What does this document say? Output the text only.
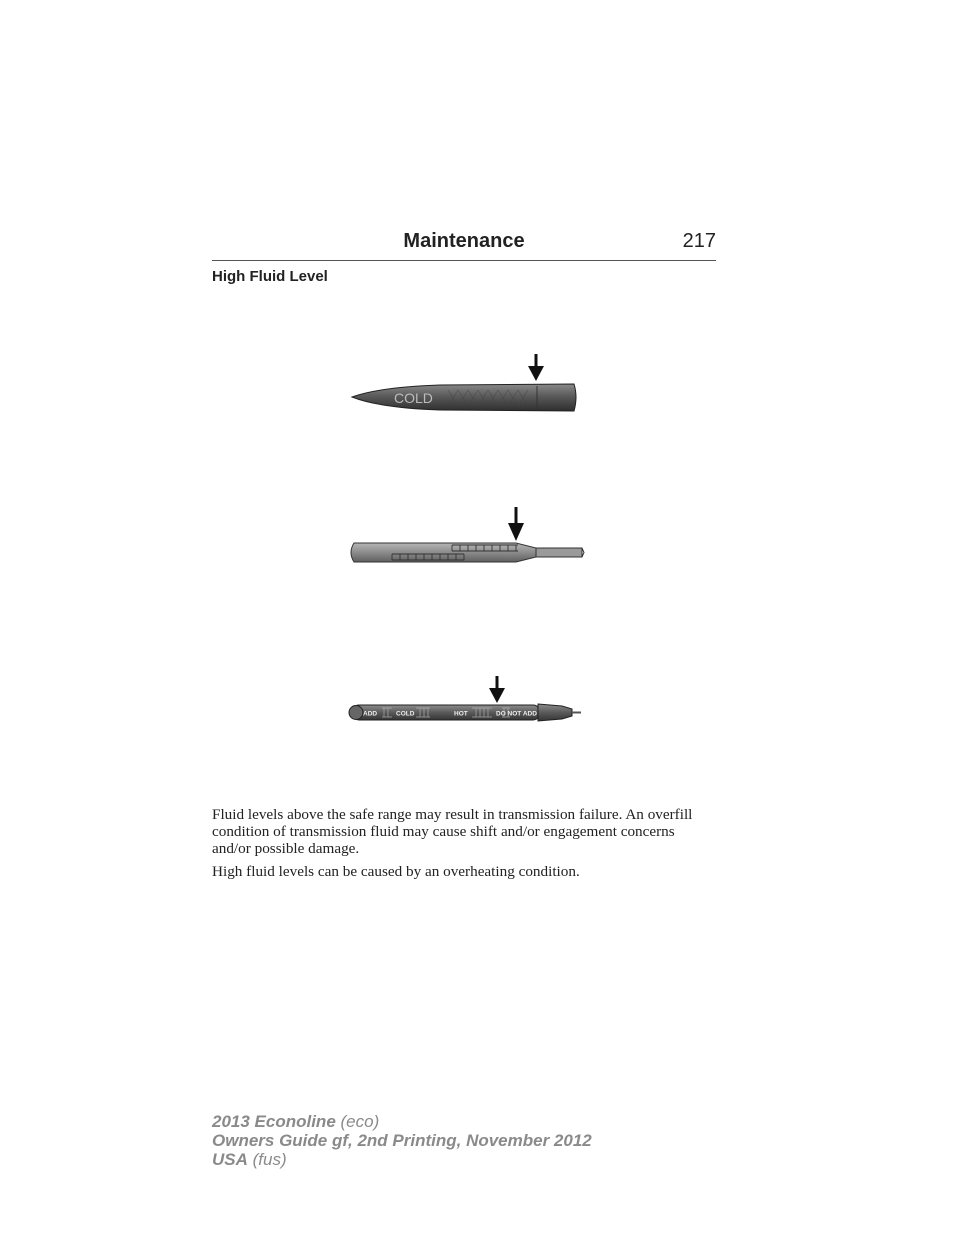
Maintenance	217
High Fluid Level
COLD
ADD	COLD	HOT	DO NOT ADD

Fluid levels above the safe range may result in transmission failure. An overfill condition of transmission fluid may cause shift and/or engagement concerns and/or possible damage.

High fluid levels can be caused by an overheating condition.

2013 Econoline (eco)
Owners Guide gf, 2nd Printing, November 2012
USA (fus)
